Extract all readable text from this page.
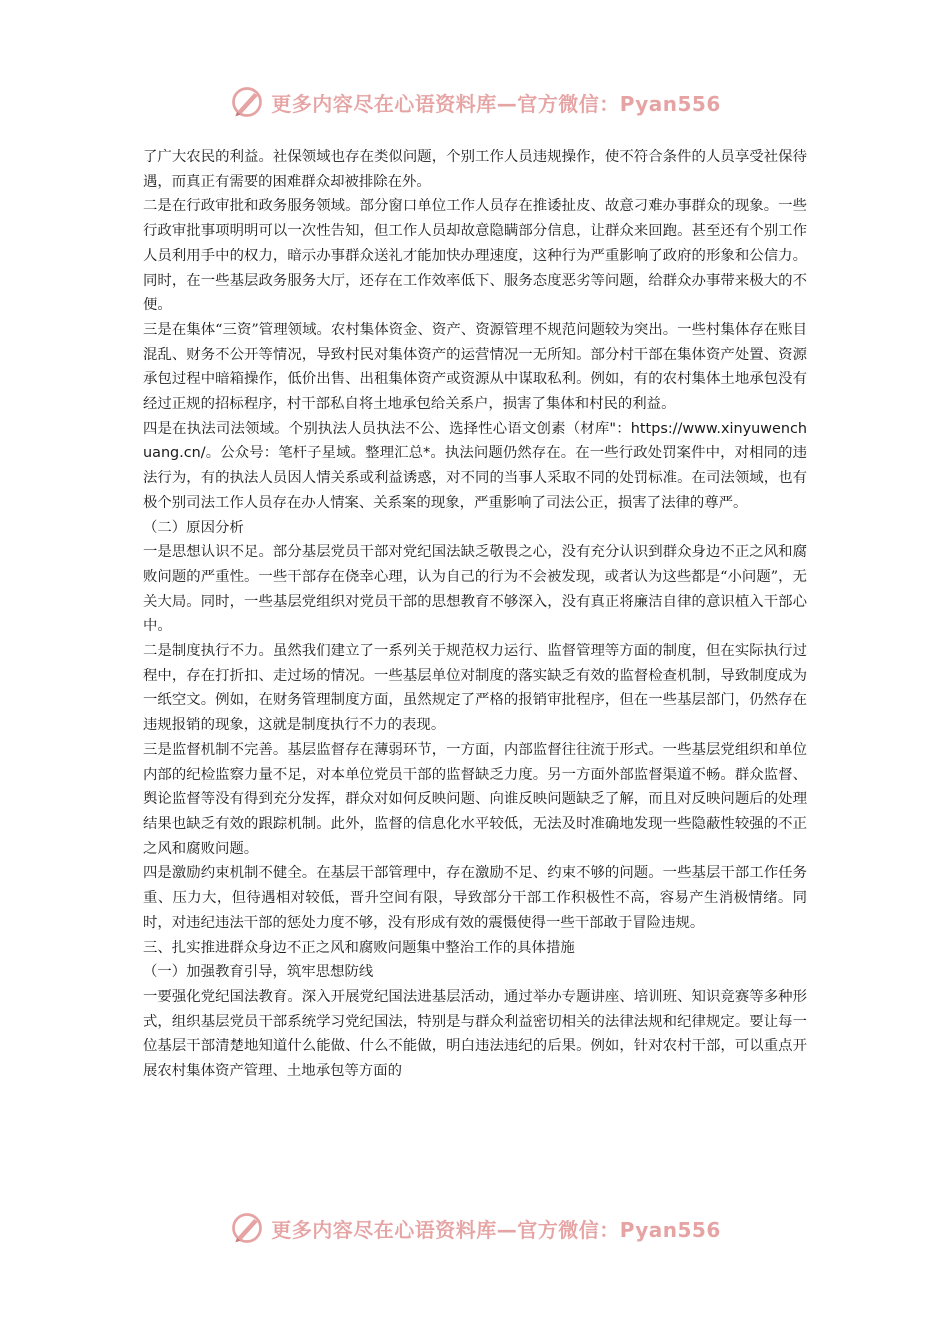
更多内容尽在心语资料库—官方微信：Pyan556

了广大农民的利益。社保领域也存在类似问题，个别工作人员违规操作，使不符合条件的人员享受社保待遇，而真正有需要的困难群众却被排除在外。

二是在行政审批和政务服务领域。部分窗口单位工作人员存在推诿扯皮、故意刁难办事群众的现象。一些行政审批事项明明可以一次性告知，但工作人员却故意隐瞒部分信息，让群众来回跑。甚至还有个别工作人员利用手中的权力，暗示办事群众送礼才能加快办理速度，这种行为严重影响了政府的形象和公信力。同时，在一些基层政务服务大厅，还存在工作效率低下、服务态度恶劣等问题，给群众办事带来极大的不便。

三是在集体“三资”管理领域。农村集体资金、资产、资源管理不规范问题较为突出。一些村集体存在账目混乱、财务不公开等情况，导致村民对集体资产的运营情况一无所知。部分村干部在集体资产处置、资源承包过程中暗箱操作，低价出售、出租集体资产或资源从中谋取私利。例如，有的农村集体土地承包没有经过正规的招标程序，村干部私自将土地承包给关系户，损害了集体和村民的利益。

四是在执法司法领域。个别执法人员执法不公、选择性心语文创素（材库"：https://www.xinyuwenchuang.cn/。公众号：笔杆子星域。整理汇总*。执法问题仍然存在。在一些行政处罚案件中，对相同的违法行为，有的执法人员因人情关系或利益诱惑，对不同的当事人采取不同的处罚标准。在司法领域，也有极个别司法工作人员存在办人情案、关系案的现象，严重影响了司法公正，损害了法律的尊严。

（二）原因分析

一是思想认识不足。部分基层党员干部对党纪国法缺乏敬畏之心，没有充分认识到群众身边不正之风和腐败问题的严重性。一些干部存在侥幸心理，认为自己的行为不会被发现，或者认为这些都是“小问题”，无关大局。同时，一些基层党组织对党员干部的思想教育不够深入，没有真正将廉洁自律的意识植入干部心中。

二是制度执行不力。虽然我们建立了一系列关于规范权力运行、监督管理等方面的制度，但在实际执行过程中，存在打折扣、走过场的情况。一些基层单位对制度的落实缺乏有效的监督检查机制，导致制度成为一纸空文。例如，在财务管理制度方面，虽然规定了严格的报销审批程序，但在一些基层部门，仍然存在违规报销的现象，这就是制度执行不力的表现。

三是监督机制不完善。基层监督存在薄弱环节，一方面，内部监督往往流于形式。一些基层党组织和单位内部的纪检监察力量不足，对本单位党员干部的监督缺乏力度。另一方面外部监督渠道不畅。群众监督、舆论监督等没有得到充分发挥，群众对如何反映问题、向谁反映问题缺乏了解，而且对反映问题后的处理结果也缺乏有效的跟踪机制。此外，监督的信息化水平较低，无法及时准确地发现一些隐蔽性较强的不正之风和腐败问题。

四是激励约束机制不健全。在基层干部管理中，存在激励不足、约束不够的问题。一些基层干部工作任务重、压力大，但待遇相对较低，晋升空间有限，导致部分干部工作积极性不高，容易产生消极情绪。同时，对违纪违法干部的惩处力度不够，没有形成有效的震慑使得一些干部敢于冒险违规。

三、扎实推进群众身边不正之风和腐败问题集中整治工作的具体措施

（一）加强教育引导，筑牢思想防线

一要强化党纪国法教育。深入开展党纪国法进基层活动，通过举办专题讲座、培训班、知识竞赛等多种形式，组织基层党员干部系统学习党纪国法，特别是与群众利益密切相关的法律法规和纪律规定。要让每一位基层干部清楚地知道什么能做、什么不能做，明白违法违纪的后果。例如，针对农村干部，可以重点开展农村集体资产管理、土地承包等方面的

更多内容尽在心语资料库—官方微信：Pyan556
